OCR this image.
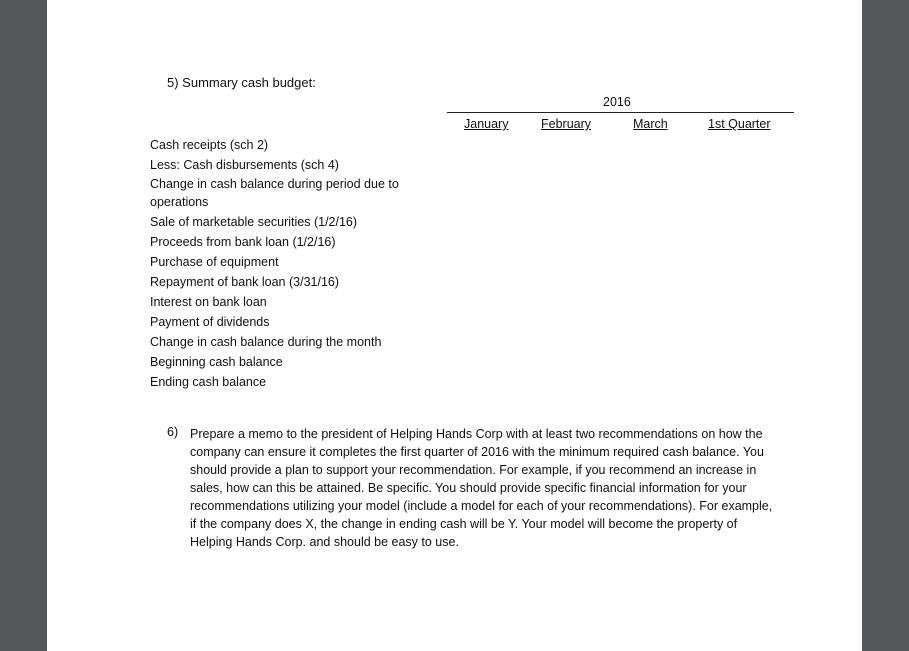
5) Summary cash budget:
2016
January	February	March	1st Quarter
Cash receipts (sch 2)
Less: Cash disbursements (sch 4)
Change in cash balance during period due to operations
Sale of marketable securities (1/2/16)
Proceeds from bank loan (1/2/16)
Purchase of equipment
Repayment of bank loan (3/31/16)
Interest on bank loan
Payment of dividends
Change in cash balance during the month
Beginning cash balance
Ending cash balance
6) Prepare a memo to the president of Helping Hands Corp with at least two recommendations on how the company can ensure it completes the first quarter of 2016 with the minimum required cash balance. You should provide a plan to support your recommendation. For example, if you recommend an increase in sales, how can this be attained. Be specific. You should provide specific financial information for your recommendations utilizing your model (include a model for each of your recommendations). For example, if the company does X, the change in ending cash will be Y. Your model will become the property of Helping Hands Corp. and should be easy to use.
